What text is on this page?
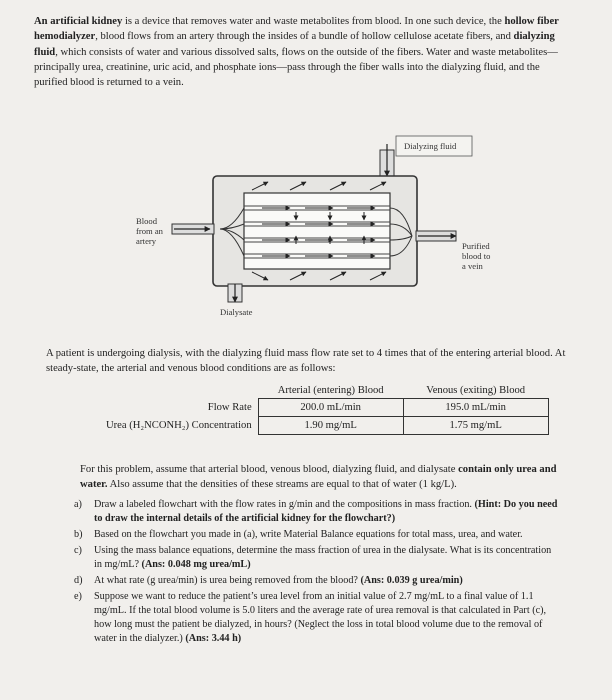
An artificial kidney is a device that removes water and waste metabolites from blood. In one such device, the hollow fiber hemodialyzer, blood flows from an artery through the insides of a bundle of hollow cellulose acetate fibers, and dialyzing fluid, which consists of water and various dissolved salts, flows on the outside of the fibers. Water and waste metabolites—principally urea, creatinine, uric acid, and phosphate ions—pass through the fiber walls into the dialyzing fluid, and the purified blood is returned to a vein.
Dialyzing fluid
Blood
from an
artery	Purified
blood to
a vein
Dialysate
A patient is undergoing dialysis, with the dialyzing fluid mass flow rate set to 4 times that of the entering arterial blood. At steady-state, the arterial and venous blood conditions are as follows:
	Arterial (entering) Blood	Venous (exiting) Blood
Flow Rate	200.0 mL/min	195.0 mL/min
Urea (H₂NCONH₂) Concentration	1.90 mg/mL	1.75 mg/mL
For this problem, assume that arterial blood, venous blood, dialyzing fluid, and dialysate contain only urea and water. Also assume that the densities of these streams are equal to that of water (1 kg/L).
a) Draw a labeled flowchart with the flow rates in g/min and the compositions in mass fraction. (Hint: Do you need to draw the internal details of the artificial kidney for the flowchart?)
b) Based on the flowchart you made in (a), write Material Balance equations for total mass, urea, and water.
c) Using the mass balance equations, determine the mass fraction of urea in the dialysate. What is its concentration in mg/mL? (Ans: 0.048 mg urea/mL)
d) At what rate (g urea/min) is urea being removed from the blood? (Ans: 0.039 g urea/min)
e) Suppose we want to reduce the patient’s urea level from an initial value of 2.7 mg/mL to a final value of 1.1 mg/mL. If the total blood volume is 5.0 liters and the average rate of urea removal is that calculated in Part (c), how long must the patient be dialyzed, in hours? (Neglect the loss in total blood volume due to the removal of water in the dialyzer.) (Ans: 3.44 h)
